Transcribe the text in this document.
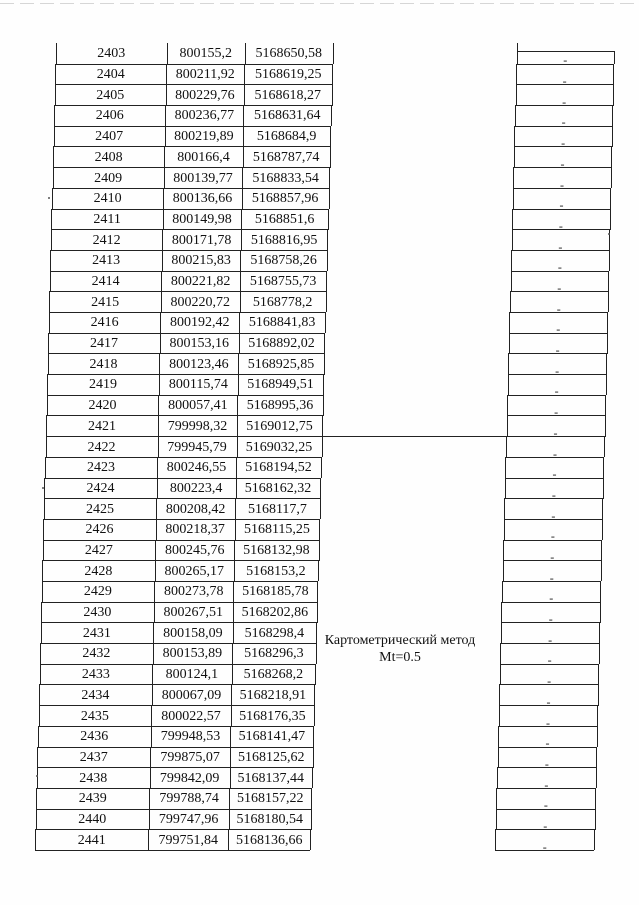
2403	800155,2	5168650,58	-
2404	800211,92	5168619,25	-
2405	800229,76	5168618,27	-
2406	800236,77	5168631,64	-
2407	800219,89	5168684,9	-
2408	800166,4	5168787,74	-
2409	800139,77	5168833,54	-
2410	800136,66	5168857,96	-
2411	800149,98	5168851,6	-
2412	800171,78	5168816,95	-
2413	800215,83	5168758,26	-
2414	800221,82	5168755,73	-
2415	800220,72	5168778,2	-
2416	800192,42	5168841,83	-
2417	800153,16	5168892,02	-
2418	800123,46	5168925,85	-
2419	800115,74	5168949,51	-
2420	800057,41	5168995,36	-
2421	799998,32	5169012,75	-
2422	799945,79	5169032,25	-
2423	800246,55	5168194,52	-
2424	800223,4	5168162,32	-
2425	800208,42	5168117,7	-
2426	800218,37	5168115,25	-
2427	800245,76	5168132,98	-
2428	800265,17	5168153,2	-
2429	800273,78	5168185,78	-
2430	800267,51	5168202,86	-
2431	800158,09	5168298,4	-
2432	800153,89	5168296,3	-
2433	800124,1	5168268,2	-
2434	800067,09	5168218,91	-
2435	800022,57	5168176,35	-
2436	799948,53	5168141,47	-
2437	799875,07	5168125,62	-
2438	799842,09	5168137,44	-
2439	799788,74	5168157,22	-
2440	799747,96	5168180,54	-
2441	799751,84	5168136,66	-
Картометрический метод
Mt=0.5
